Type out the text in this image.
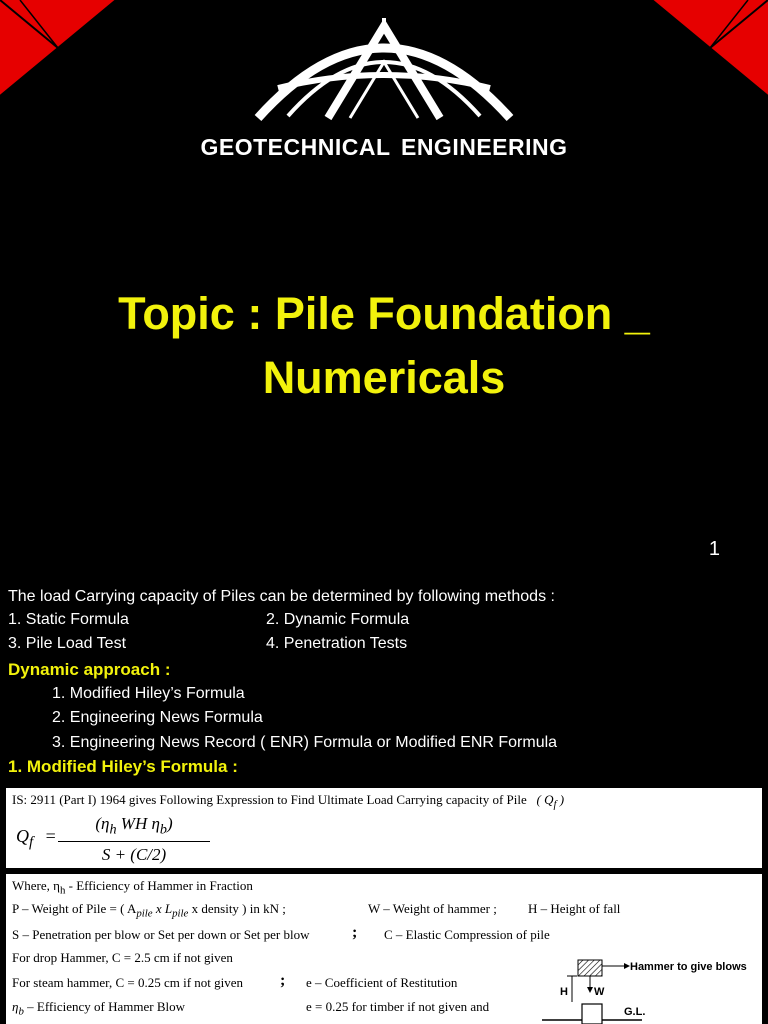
GEOTECHNICAL ENGINEERING
Topic : Pile Foundation _
Numericals
1
The load Carrying capacity of Piles can be determined by following methods :
1. Static Formula	2. Dynamic Formula
3. Pile Load Test	4. Penetration Tests
Dynamic approach :
1. Modified Hiley’s Formula
2. Engineering News Formula
3. Engineering News Record ( ENR) Formula or Modified ENR Formula
1. Modified Hiley’s Formula :
IS: 2911 (Part I) 1964 gives Following Expression to Find Ultimate Load Carrying capacity of Pile ( $Q_f$ )
$Q_f$ =
($\eta_h$ WH $\eta_b$)
S + (C/2)
Where, $\eta_h$ - Efficiency of Hammer in Fraction
P – Weight of Pile = ( $A_{pile}$ x $L_{pile}$ x density ) in kN ;	W – Weight of hammer ; H – Height of fall
S – Penetration per blow or Set per down or Set per blow	; C – Elastic Compression of pile
For drop Hammer, C = 2.5 cm if not given
For steam hammer, C = 0.25 cm if not given ; e – Coefficient of Restitution
$\eta_b$ – Efficiency of Hammer Blow	e = 0.25 for timber if not given and
Hammer to give blows
H W
G.L.
